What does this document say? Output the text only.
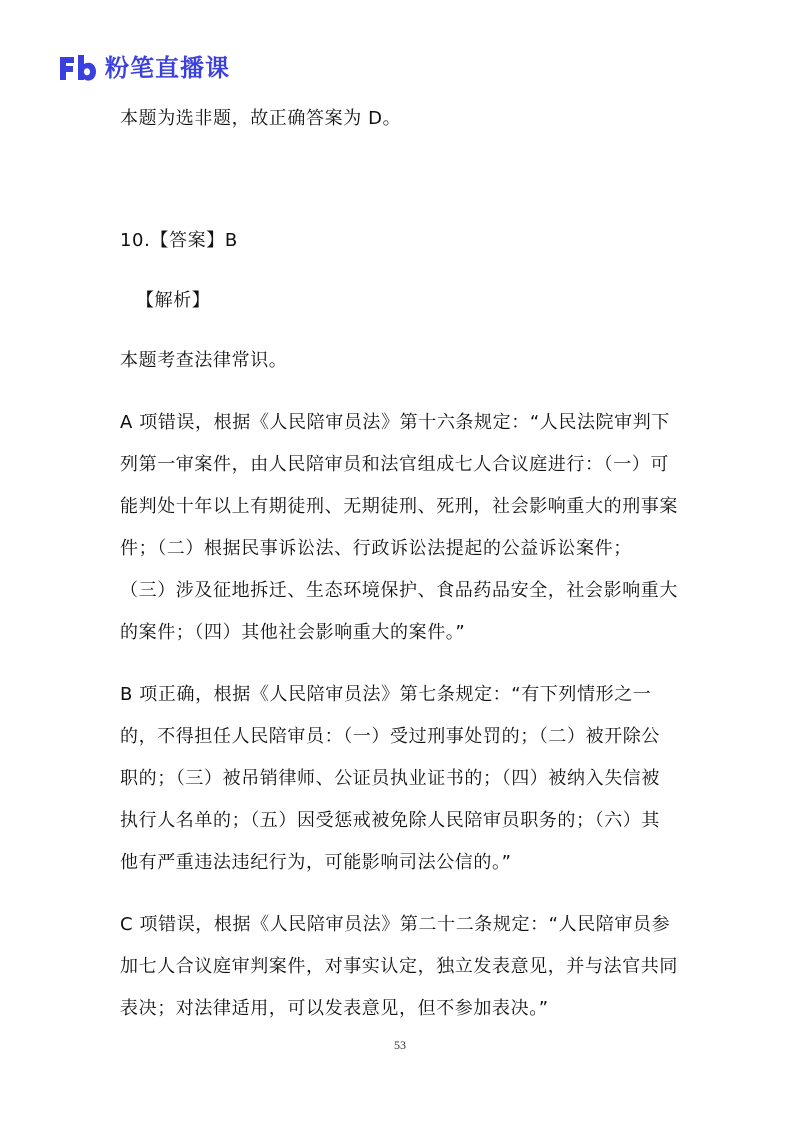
粉笔直播课
本题为选非题，故正确答案为 D。
10.【答案】B
【解析】
本题考查法律常识。
A 项错误，根据《人民陪审员法》第十六条规定：“人民法院审判下
列第一审案件，由人民陪审员和法官组成七人合议庭进行：（一）可
能判处十年以上有期徒刑、无期徒刑、死刑，社会影响重大的刑事案
件；（二）根据民事诉讼法、行政诉讼法提起的公益诉讼案件；
（三）涉及征地拆迁、生态环境保护、食品药品安全，社会影响重大
的案件；（四）其他社会影响重大的案件。”
B 项正确，根据《人民陪审员法》第七条规定：“有下列情形之一
的，不得担任人民陪审员：（一）受过刑事处罚的；（二）被开除公
职的；（三）被吊销律师、公证员执业证书的；（四）被纳入失信被
执行人名单的；（五）因受惩戒被免除人民陪审员职务的；（六）其
他有严重违法违纪行为，可能影响司法公信的。”
C 项错误，根据《人民陪审员法》第二十二条规定：“人民陪审员参
加七人合议庭审判案件，对事实认定，独立发表意见，并与法官共同
表决；对法律适用，可以发表意见，但不参加表决。”
53
